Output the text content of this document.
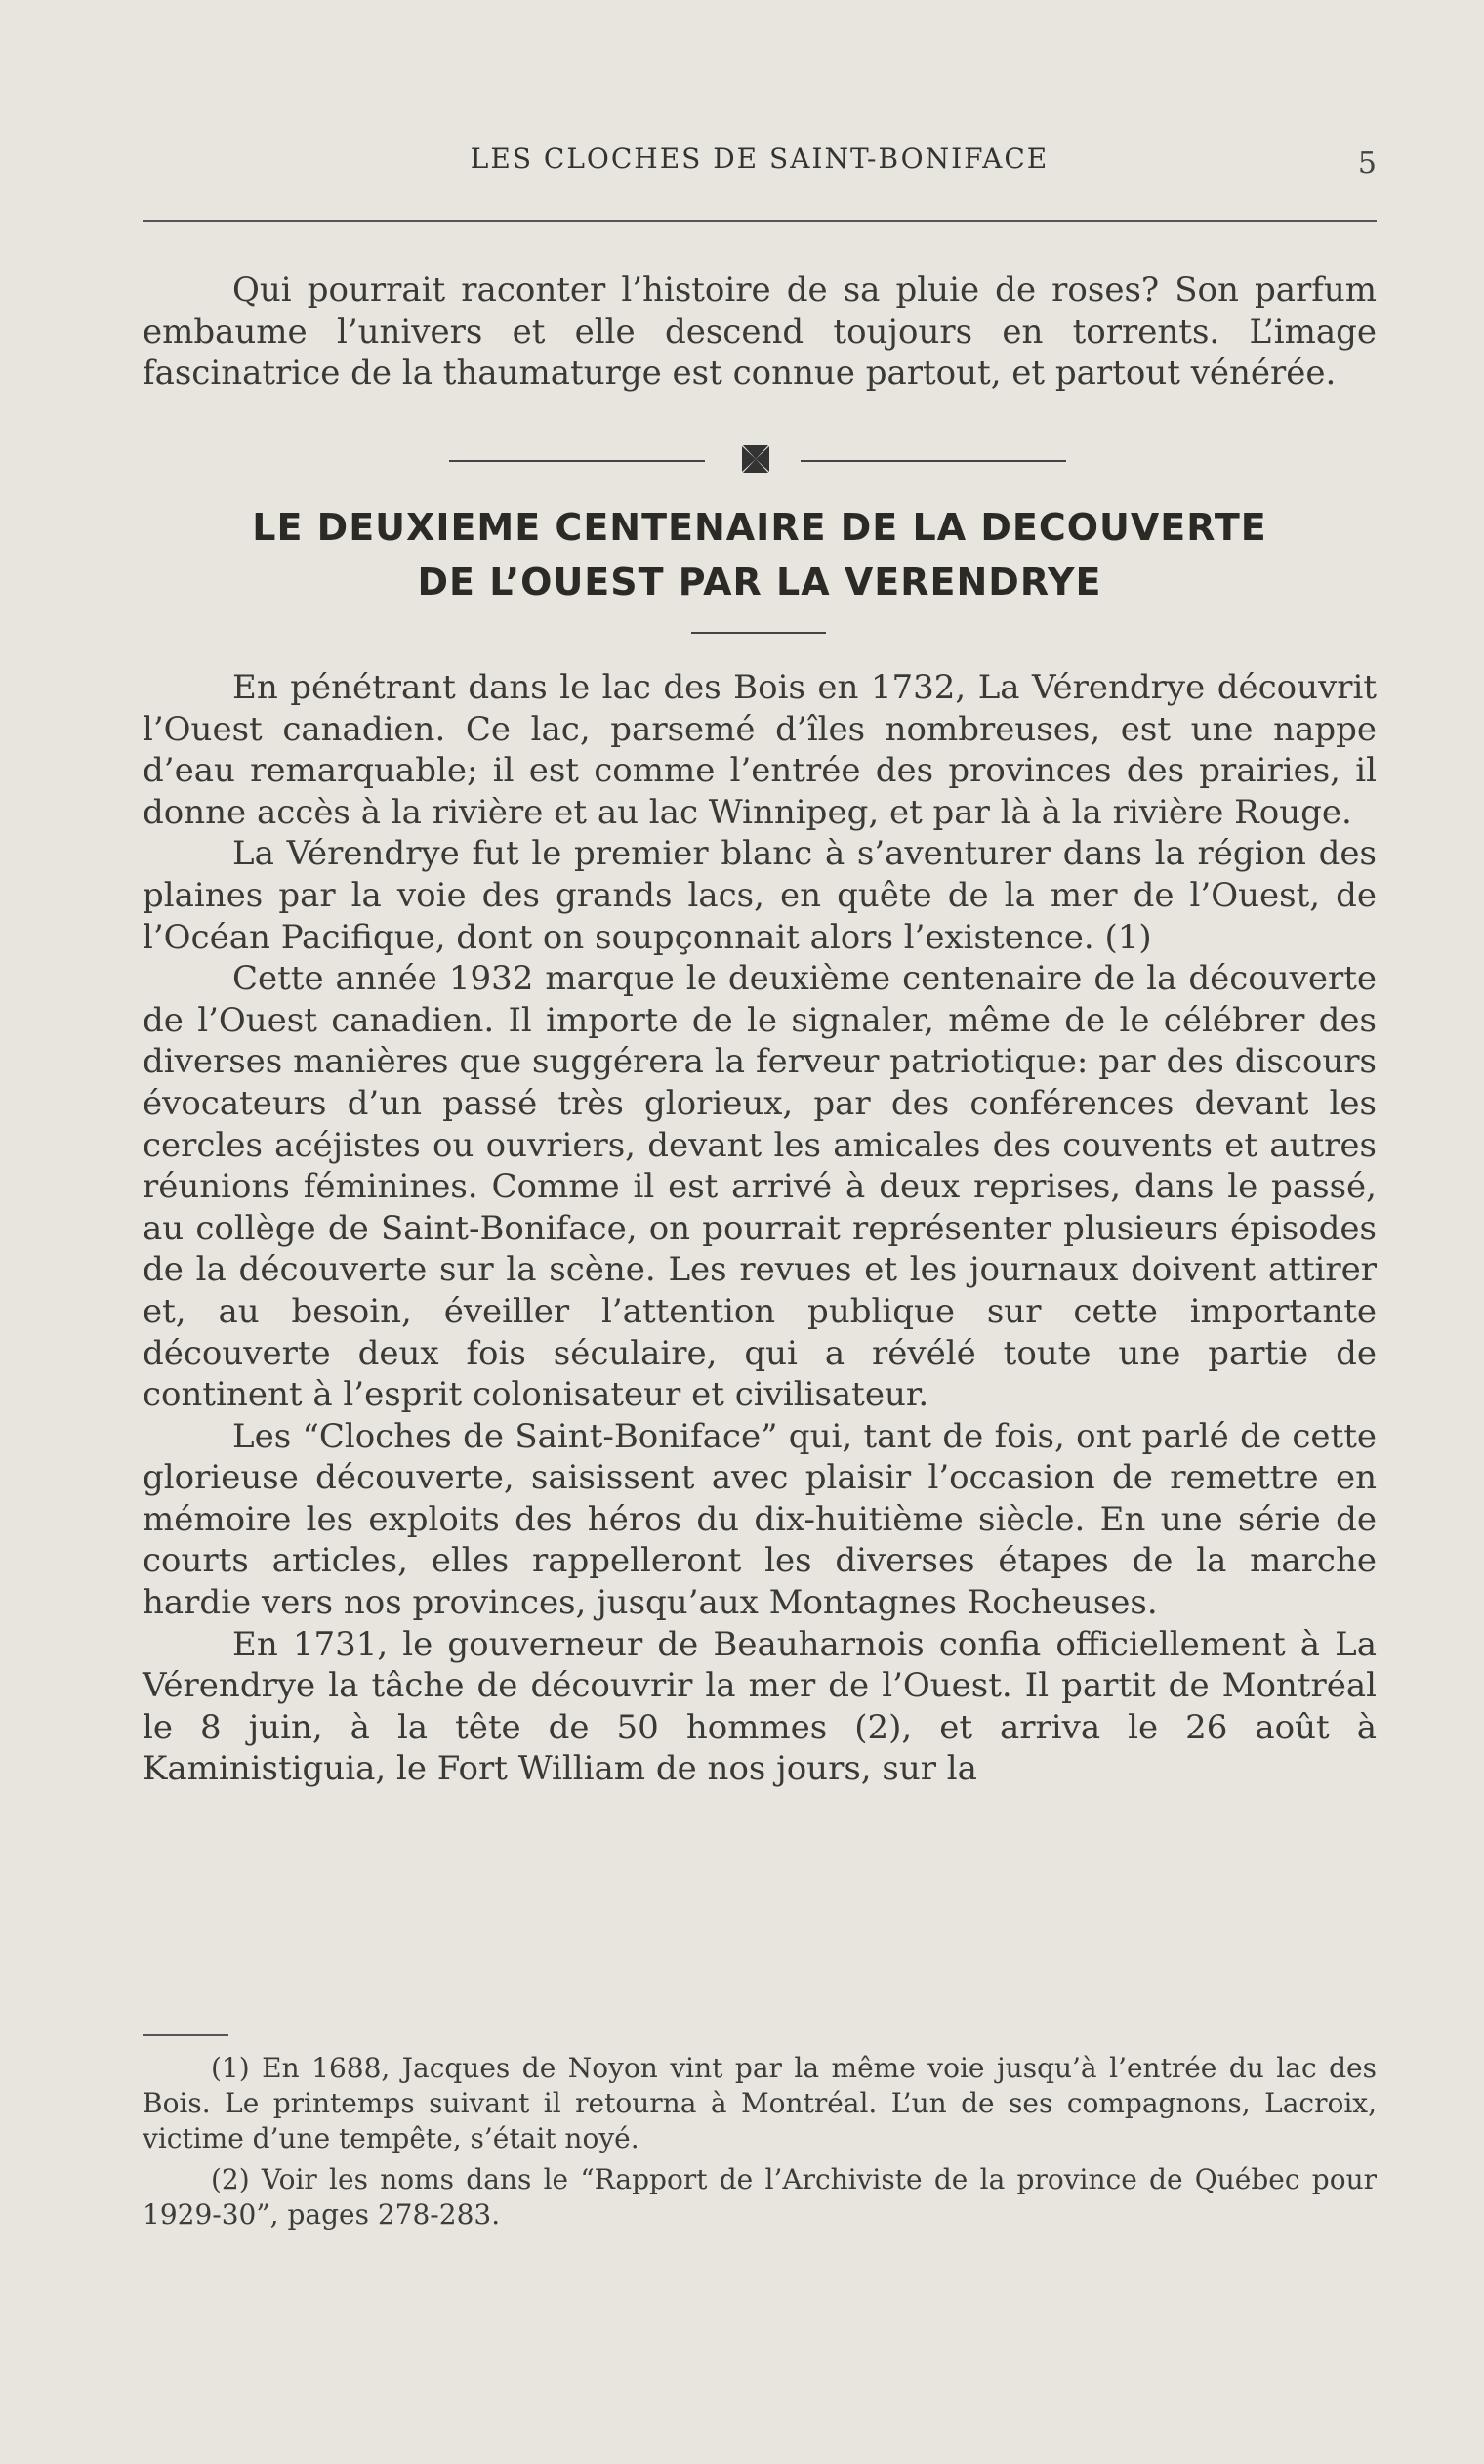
LES CLOCHES DE SAINT-BONIFACE	5

Qui pourrait raconter l’histoire de sa pluie de roses? Son parfum embaume l’univers et elle descend toujours en torrents. L’image fascinatrice de la thaumaturge est connue partout, et partout vénérée.

LE DEUXIEME CENTENAIRE DE LA DECOUVERTE
DE L’OUEST PAR LA VERENDRYE

En pénétrant dans le lac des Bois en 1732, La Vérendrye découvrit l’Ouest canadien. Ce lac, parsemé d’îles nombreuses, est une nappe d’eau remarquable; il est comme l’entrée des provinces des prairies, il donne accès à la rivière et au lac Winnipeg, et par là à la rivière Rouge.

La Vérendrye fut le premier blanc à s’aventurer dans la région des plaines par la voie des grands lacs, en quête de la mer de l’Ouest, de l’Océan Pacifique, dont on soupçonnait alors l’existence. (1)

Cette année 1932 marque le deuxième centenaire de la découverte de l’Ouest canadien. Il importe de le signaler, même de le célébrer des diverses manières que suggérera la ferveur patriotique: par des discours évocateurs d’un passé très glorieux, par des conférences devant les cercles acéjistes ou ouvriers, devant les amicales des couvents et autres réunions féminines. Comme il est arrivé à deux reprises, dans le passé, au collège de Saint-Boniface, on pourrait représenter plusieurs épisodes de la découverte sur la scène. Les revues et les journaux doivent attirer et, au besoin, éveiller l’attention publique sur cette importante découverte deux fois séculaire, qui a révélé toute une partie de continent à l’esprit colonisateur et civilisateur.

Les “Cloches de Saint-Boniface” qui, tant de fois, ont parlé de cette glorieuse découverte, saisissent avec plaisir l’occasion de remettre en mémoire les exploits des héros du dix-huitième siècle. En une série de courts articles, elles rappelleront les diverses étapes de la marche hardie vers nos provinces, jusqu’aux Montagnes Rocheuses.

En 1731, le gouverneur de Beauharnois confia officiellement à La Vérendrye la tâche de découvrir la mer de l’Ouest. Il partit de Montréal le 8 juin, à la tête de 50 hommes (2), et arriva le 26 août à Kaministiguia, le Fort William de nos jours, sur la

(1) En 1688, Jacques de Noyon vint par la même voie jusqu’à l’entrée du lac des Bois. Le printemps suivant il retourna à Montréal. L’un de ses compagnons, Lacroix, victime d’une tempête, s’était noyé.

(2) Voir les noms dans le “Rapport de l’Archiviste de la province de Québec pour 1929-30”, pages 278-283.
